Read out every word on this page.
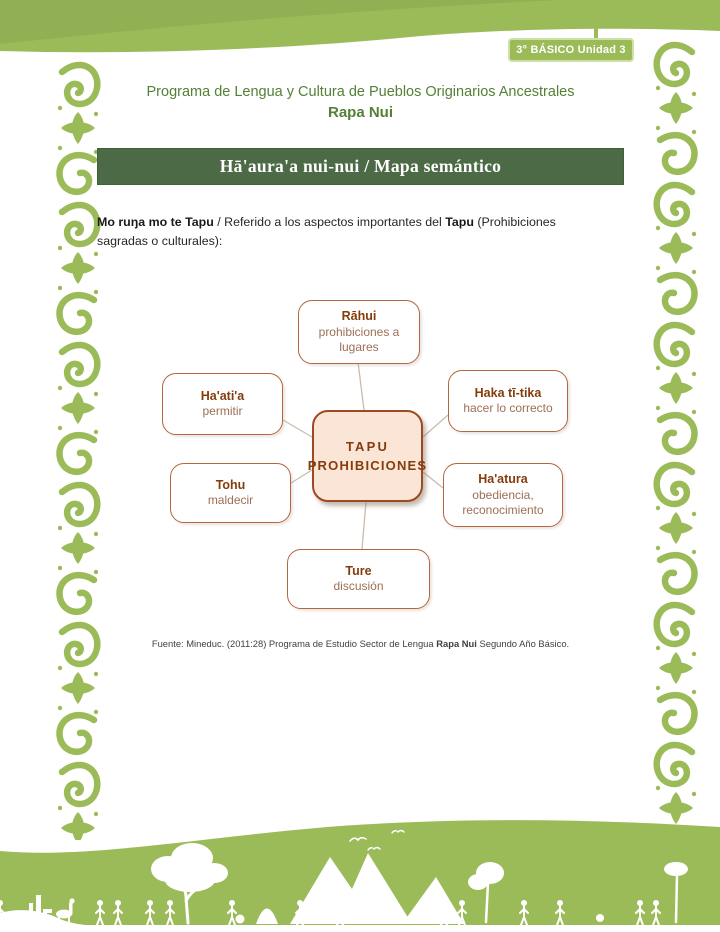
3° BÁSICO Unidad 3
Programa de Lengua y Cultura de Pueblos Originarios Ancestrales
Rapa Nui
Hā'aura'a nui-nui / Mapa semántico

Mo ruŋa mo te Tapu / Referido a los aspectos importantes del Tapu (Prohibiciones sagradas o culturales):

Rāhui
prohibiciones a lugares
Ha'ati'a
permitir
Haka tī-tika
hacer lo correcto
TAPU
PROHIBICIONES
Tohu
maldecir
Ha'atura
obediencia, reconocimiento
Ture
discusión

Fuente: Mineduc. (2011:28) Programa de Estudio Sector de Lengua Rapa Nui Segundo Año Básico.
